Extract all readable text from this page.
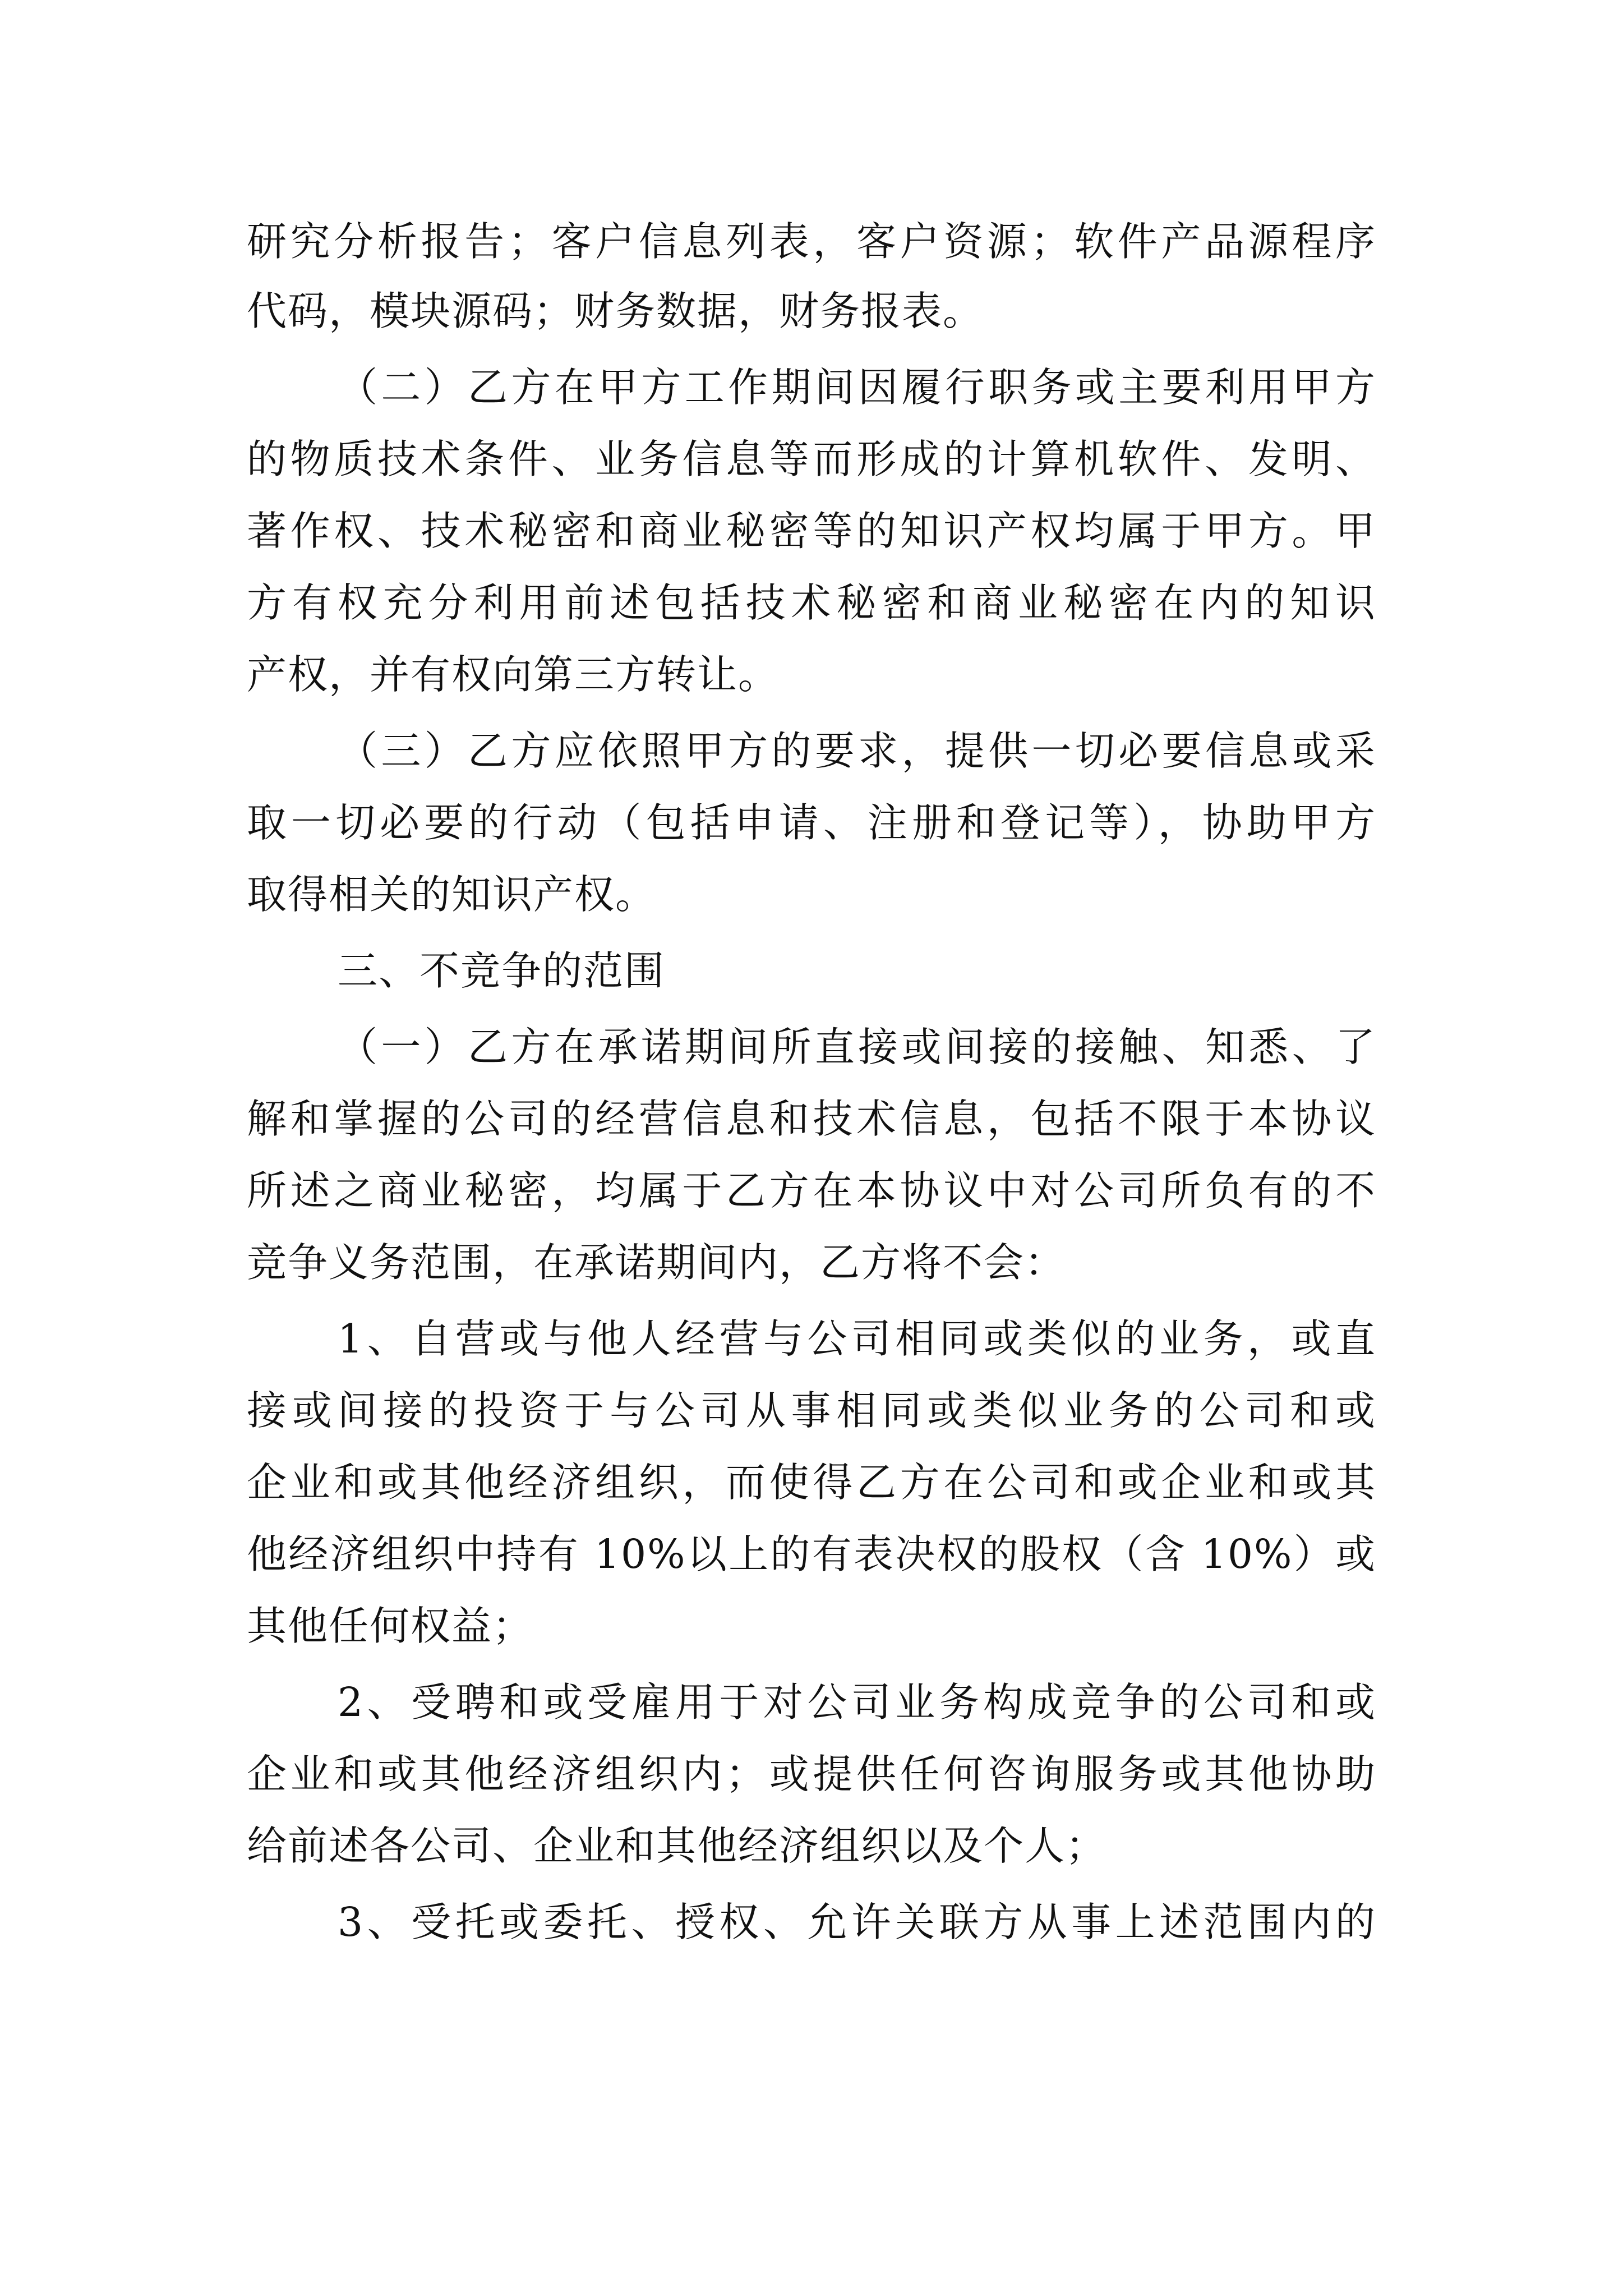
研究分析报告；客户信息列表，客户资源；软件产品源程序
代码，模块源码；财务数据，财务报表。
（二）乙方在甲方工作期间因履行职务或主要利用甲方
的物质技术条件、业务信息等而形成的计算机软件、发明、
著作权、技术秘密和商业秘密等的知识产权均属于甲方。甲
方有权充分利用前述包括技术秘密和商业秘密在内的知识
产权，并有权向第三方转让。
（三）乙方应依照甲方的要求，提供一切必要信息或采
取一切必要的行动（包括申请、注册和登记等），协助甲方
取得相关的知识产权。
三、不竞争的范围
（一）乙方在承诺期间所直接或间接的接触、知悉、了
解和掌握的公司的经营信息和技术信息，包括不限于本协议
所述之商业秘密，均属于乙方在本协议中对公司所负有的不
竞争义务范围，在承诺期间内，乙方将不会：
1、自营或与他人经营与公司相同或类似的业务，或直
接或间接的投资于与公司从事相同或类似业务的公司和或
企业和或其他经济组织，而使得乙方在公司和或企业和或其
他经济组织中持有 10%以上的有表决权的股权（含 10%）或
其他任何权益；
2、受聘和或受雇用于对公司业务构成竞争的公司和或
企业和或其他经济组织内；或提供任何咨询服务或其他协助
给前述各公司、企业和其他经济组织以及个人；
3、受托或委托、授权、允许关联方从事上述范围内的
